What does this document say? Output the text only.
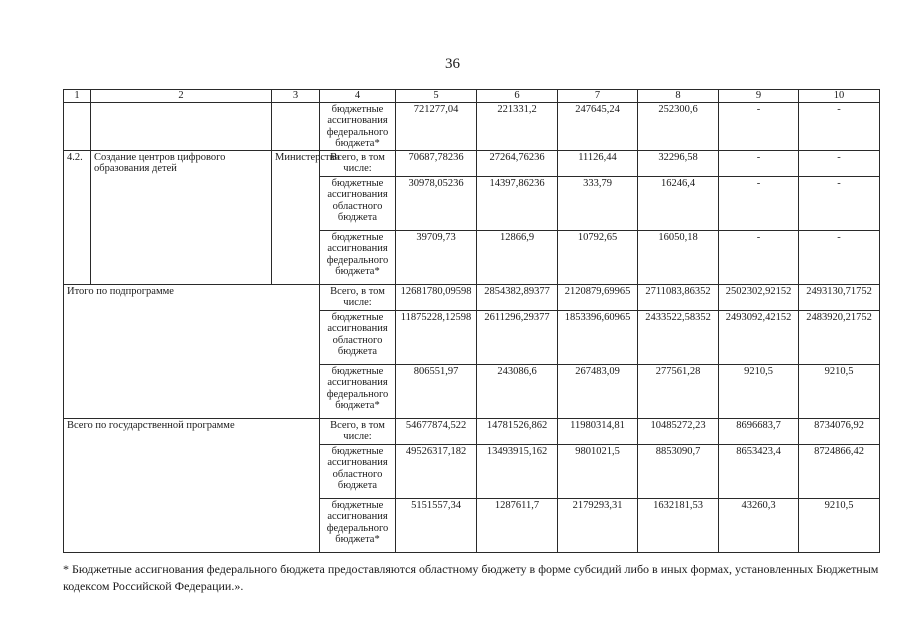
36
1	2	3	4	5	6	7	8	9	10
			бюджетные ассигнования федерального бюджета*	721277,04	221331,2	247645,24	252300,6	-	-
4.2.	Создание центров цифрового образования детей	Министерство	Всего, в том числе:	70687,78236	27264,76236	11126,44	32296,58	-	-
			бюджетные ассигнования областного бюджета	30978,05236	14397,86236	333,79	16246,4	-	-
			бюджетные ассигнования федерального бюджета*	39709,73	12866,9	10792,65	16050,18	-	-
Итого по подпрограмме			Всего, в том числе:	12681780,09598	2854382,89377	2120879,69965	2711083,86352	2502302,92152	2493130,71752
			бюджетные ассигнования областного бюджета	11875228,12598	2611296,29377	1853396,60965	2433522,58352	2493092,42152	2483920,21752
			бюджетные ассигнования федерального бюджета*	806551,97	243086,6	267483,09	277561,28	9210,5	9210,5
Всего по государственной программе			Всего, в том числе:	54677874,522	14781526,862	11980314,81	10485272,23	8696683,7	8734076,92
			бюджетные ассигнования областного бюджета	49526317,182	13493915,162	9801021,5	8853090,7	8653423,4	8724866,42
			бюджетные ассигнования федерального бюджета*	5151557,34	1287611,7	2179293,31	1632181,53	43260,3	9210,5
* Бюджетные ассигнования федерального бюджета предоставляются областному бюджету в форме субсидий либо в иных формах, установленных Бюджетным кодексом Российской Федерации.».
